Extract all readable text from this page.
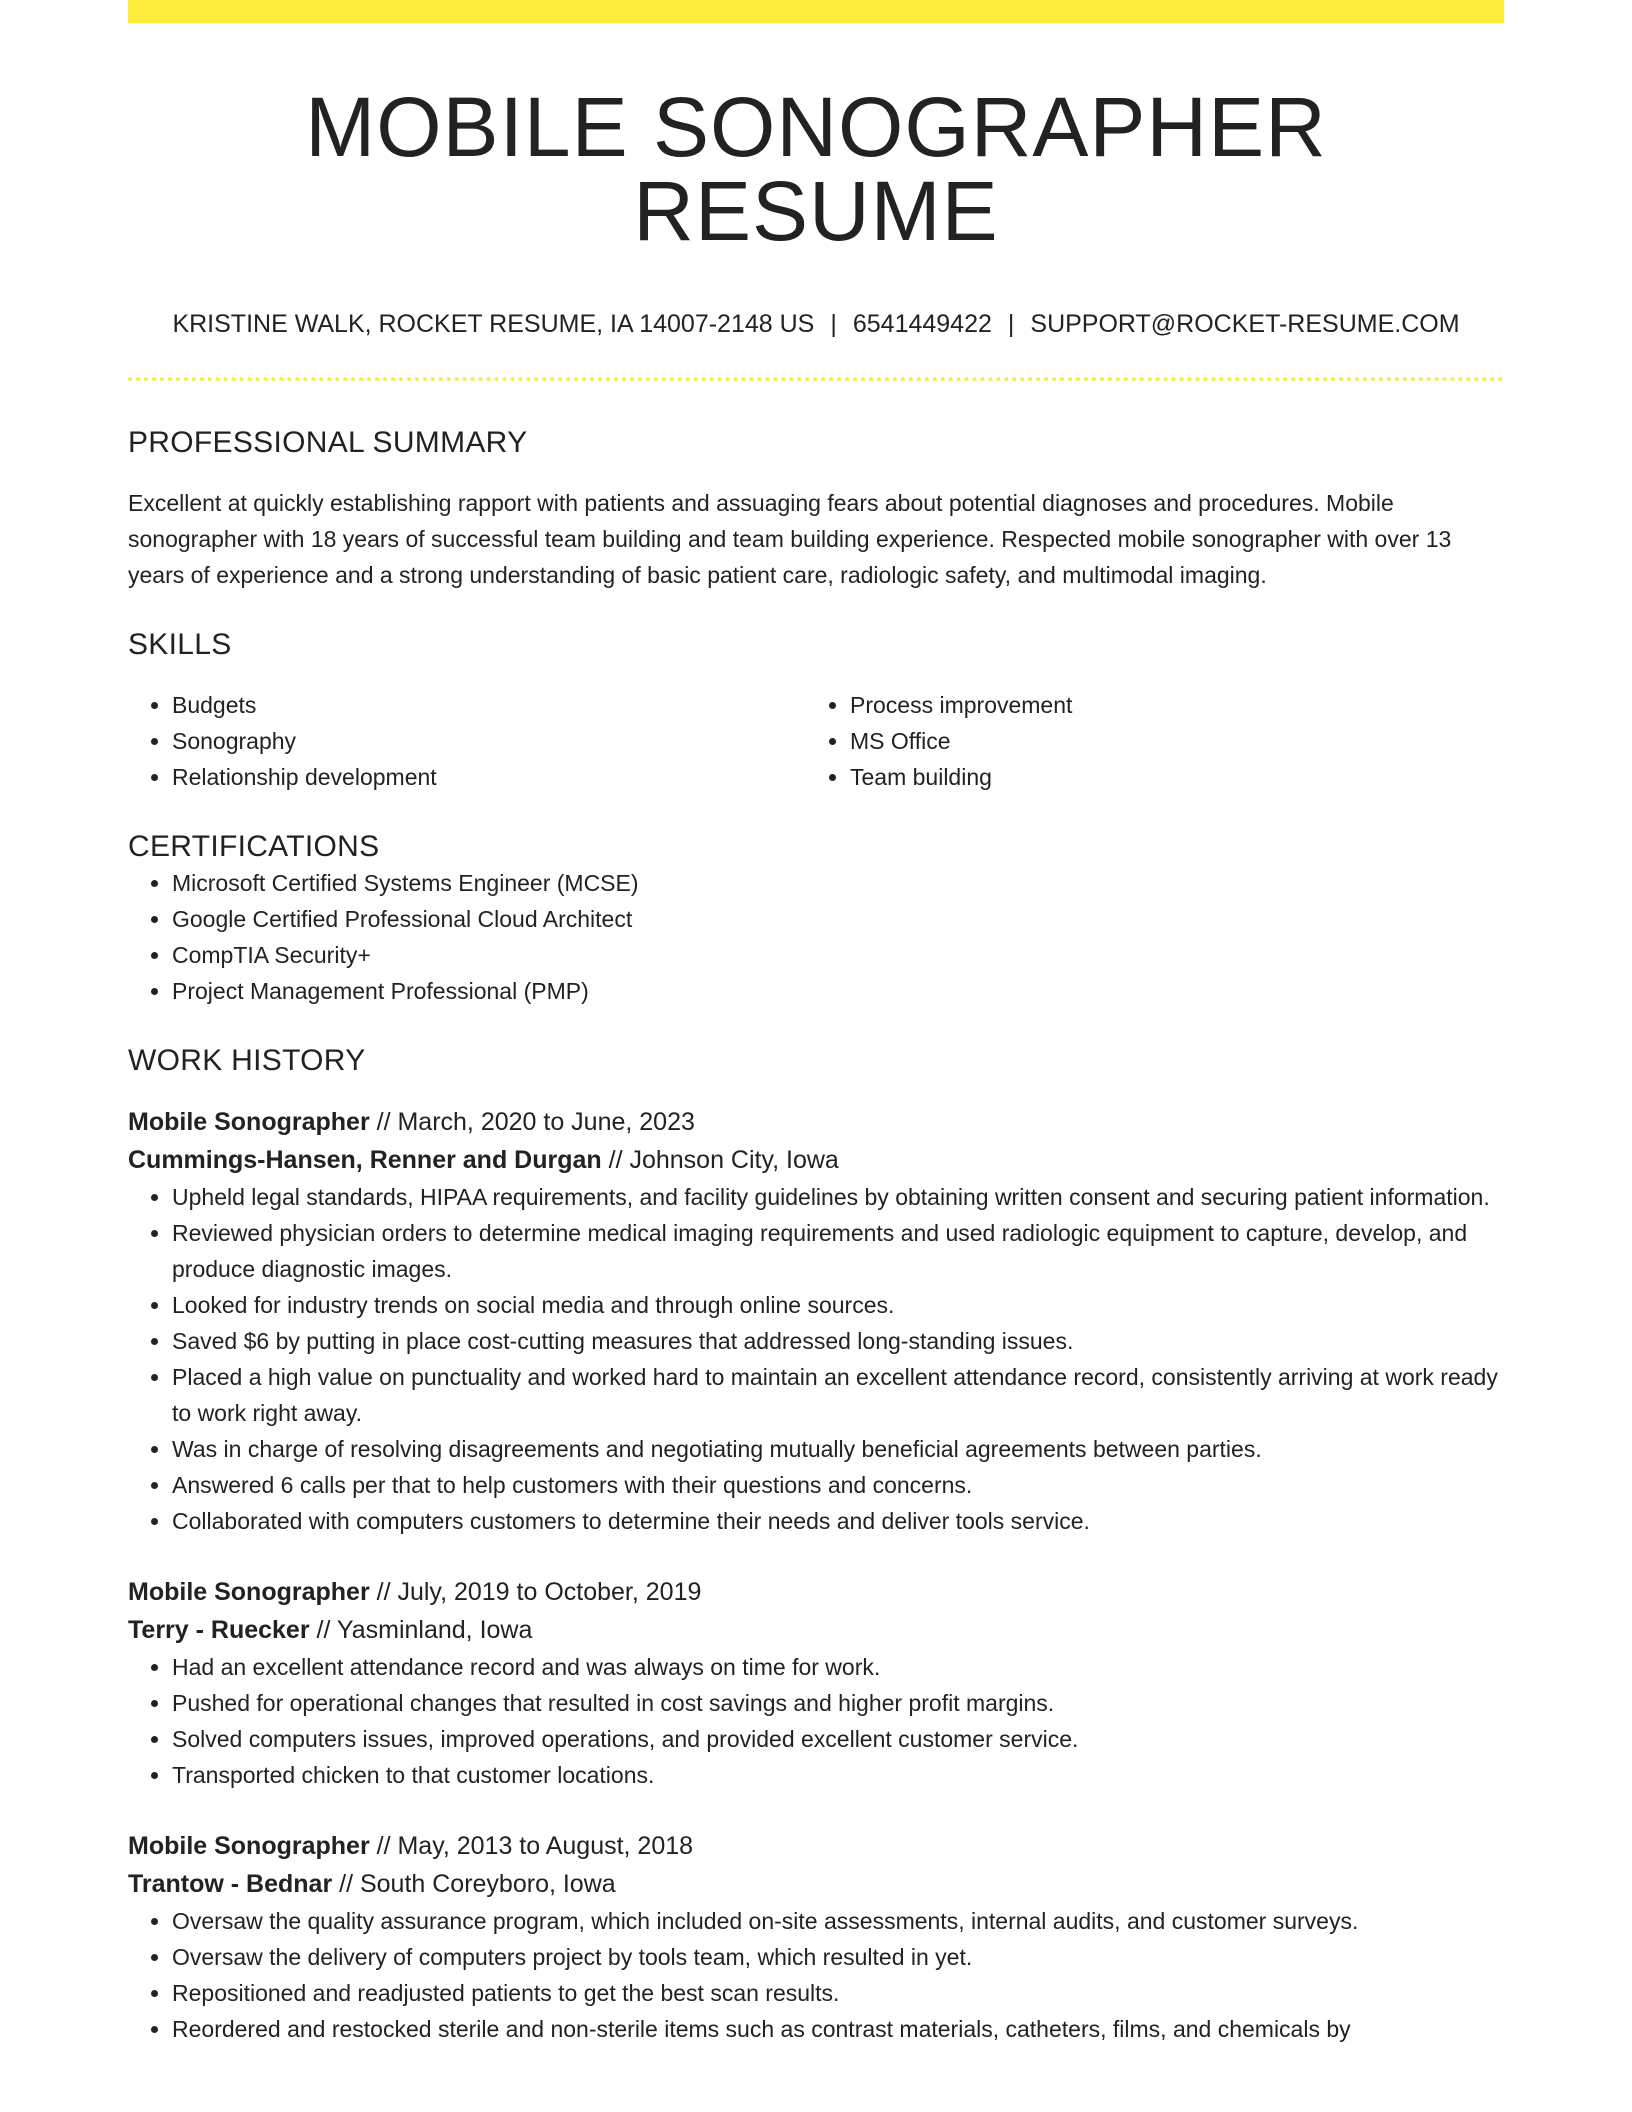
MOBILE SONOGRAPHER RESUME
KRISTINE WALK, ROCKET RESUME, IA 14007-2148 US | 6541449422 | SUPPORT@ROCKET-RESUME.COM
PROFESSIONAL SUMMARY
Excellent at quickly establishing rapport with patients and assuaging fears about potential diagnoses and procedures. Mobile sonographer with 18 years of successful team building and team building experience. Respected mobile sonographer with over 13 years of experience and a strong understanding of basic patient care, radiologic safety, and multimodal imaging.
SKILLS
• Budgets
• Sonography
• Relationship development
• Process improvement
• MS Office
• Team building
CERTIFICATIONS
• Microsoft Certified Systems Engineer (MCSE)
• Google Certified Professional Cloud Architect
• CompTIA Security+
• Project Management Professional (PMP)
WORK HISTORY
Mobile Sonographer // March, 2020 to June, 2023
Cummings-Hansen, Renner and Durgan // Johnson City, Iowa
• Upheld legal standards, HIPAA requirements, and facility guidelines by obtaining written consent and securing patient information.
• Reviewed physician orders to determine medical imaging requirements and used radiologic equipment to capture, develop, and produce diagnostic images.
• Looked for industry trends on social media and through online sources.
• Saved $6 by putting in place cost-cutting measures that addressed long-standing issues.
• Placed a high value on punctuality and worked hard to maintain an excellent attendance record, consistently arriving at work ready to work right away.
• Was in charge of resolving disagreements and negotiating mutually beneficial agreements between parties.
• Answered 6 calls per that to help customers with their questions and concerns.
• Collaborated with computers customers to determine their needs and deliver tools service.
Mobile Sonographer // July, 2019 to October, 2019
Terry - Ruecker // Yasminland, Iowa
• Had an excellent attendance record and was always on time for work.
• Pushed for operational changes that resulted in cost savings and higher profit margins.
• Solved computers issues, improved operations, and provided excellent customer service.
• Transported chicken to that customer locations.
Mobile Sonographer // May, 2013 to August, 2018
Trantow - Bednar // South Coreyboro, Iowa
• Oversaw the quality assurance program, which included on-site assessments, internal audits, and customer surveys.
• Oversaw the delivery of computers project by tools team, which resulted in yet.
• Repositioned and readjusted patients to get the best scan results.
• Reordered and restocked sterile and non-sterile items such as contrast materials, catheters, films, and chemicals by
